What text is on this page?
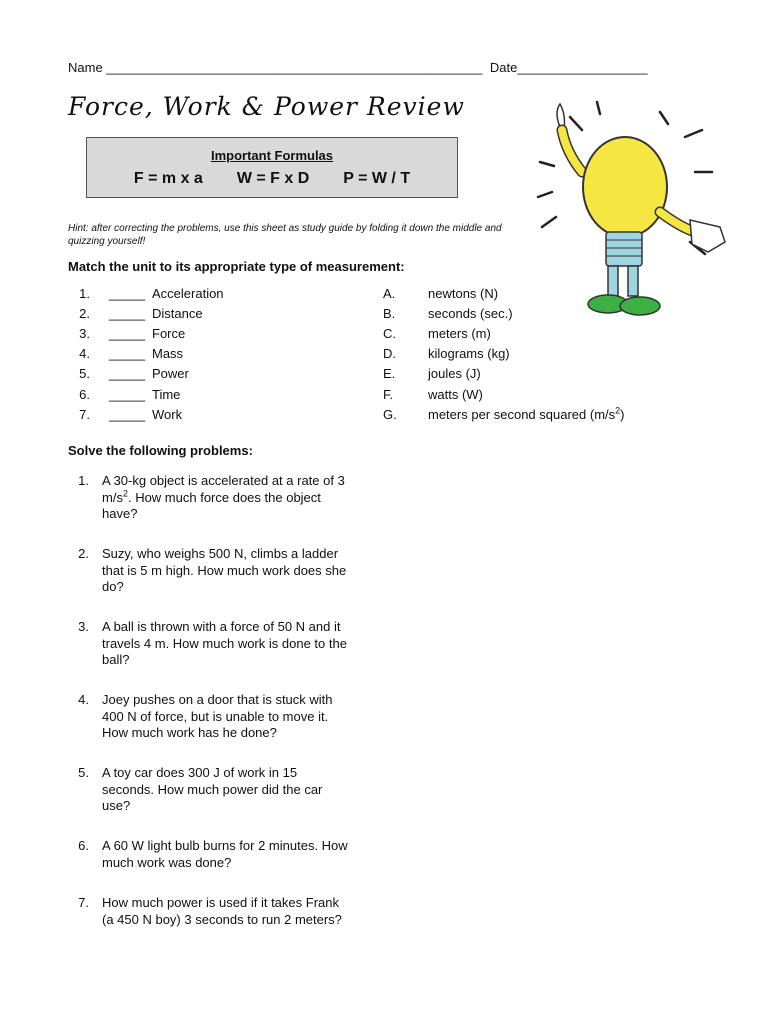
Name ____________________________________________________ Date__________________
Force, Work & Power Review
Important Formulas
F = m x a W = F x D P = W / T
Hint: after correcting the problems, use this sheet as study guide by folding it down the middle and quizzing yourself!
Match the unit to its appropriate type of measurement:
1. _____ Acceleration
2. _____ Distance
3. _____ Force
4. _____ Mass
5. _____ Power
6. _____ Time
7. _____ Work
A.	newtons (N)
B.	seconds (sec.)
C.	meters (m)
D.	kilograms (kg)
E.	joules (J)
F.	watts (W)
G.	meters per second squared $(m/s^2)$
Solve the following problems:
1.	A 30-kg object is accelerated at a rate of 3 $m/s^2$. How much force does the object have?
2.	Suzy, who weighs 500 N, climbs a ladder that is 5 m high. How much work does she do?
3.	A ball is thrown with a force of 50 N and it travels 4 m. How much work is done to the ball?
4.	Joey pushes on a door that is stuck with 400 N of force, but is unable to move it. How much work has he done?
5.	A toy car does 300 J of work in 15 seconds. How much power did the car use?
6.	A 60 W light bulb burns for 2 minutes. How much work was done?
7.	How much power is used if it takes Frank (a 450 N boy) 3 seconds to run 2 meters?
